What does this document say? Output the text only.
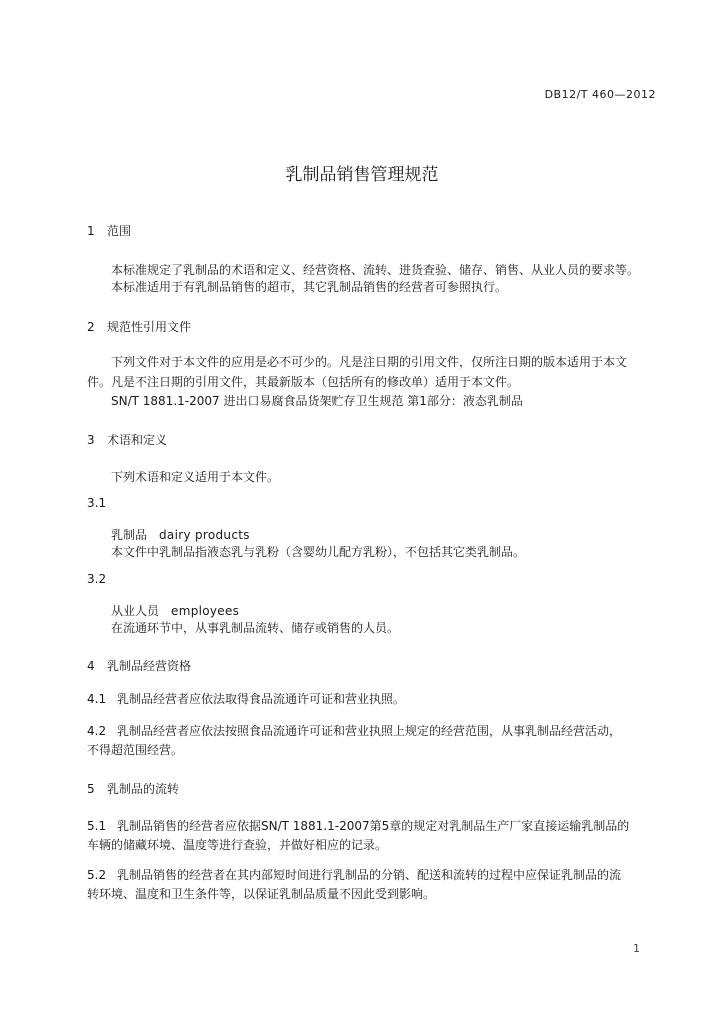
DB12/T 460—2012
乳制品销售管理规范
1 范围
本标准规定了乳制品的术语和定义、经营资格、流转、进货查验、储存、销售、从业人员的要求等。
本标准适用于有乳制品销售的超市，其它乳制品销售的经营者可参照执行。
2 规范性引用文件
下列文件对于本文件的应用是必不可少的。凡是注日期的引用文件，仅所注日期的版本适用于本文
件。凡是不注日期的引用文件，其最新版本（包括所有的修改单）适用于本文件。
SN/T 1881.1-2007 进出口易腐食品货架贮存卫生规范 第1部分：液态乳制品
3 术语和定义
下列术语和定义适用于本文件。
3.1
乳制品 dairy products
本文件中乳制品指液态乳与乳粉（含婴幼儿配方乳粉），不包括其它类乳制品。
3.2
从业人员 employees
在流通环节中，从事乳制品流转、储存或销售的人员。
4 乳制品经营资格
4.1 乳制品经营者应依法取得食品流通许可证和营业执照。
4.2 乳制品经营者应依法按照食品流通许可证和营业执照上规定的经营范围，从事乳制品经营活动，
不得超范围经营。
5 乳制品的流转
5.1 乳制品销售的经营者应依据SN/T 1881.1-2007第5章的规定对乳制品生产厂家直接运输乳制品的
车辆的储藏环境、温度等进行查验，并做好相应的记录。
5.2 乳制品销售的经营者在其内部短时间进行乳制品的分销、配送和流转的过程中应保证乳制品的流
转环境、温度和卫生条件等，以保证乳制品质量不因此受到影响。
1
